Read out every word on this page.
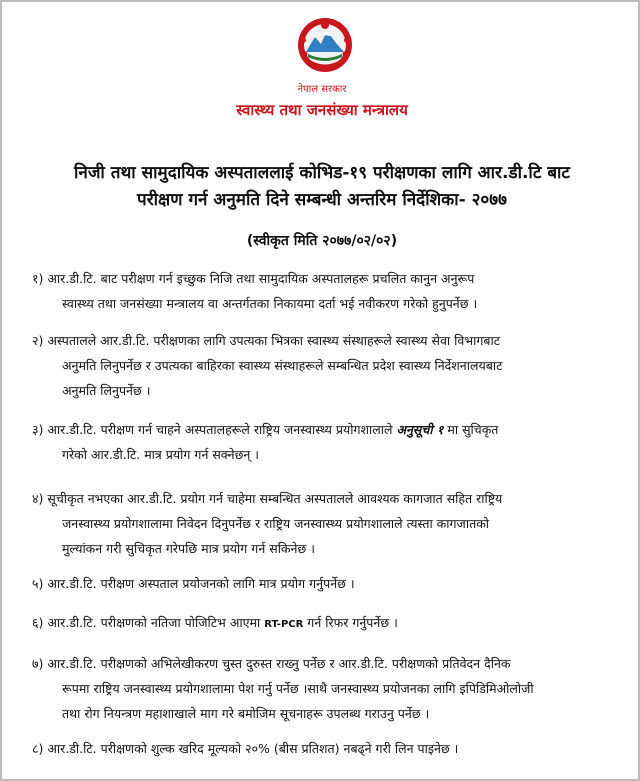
नेपाल सरकार
स्वास्थ्य तथा जनसंख्या मन्त्रालय
निजी तथा सामुदायिक अस्पताललाई कोभिड-१९ परीक्षणका लागि आर.डी.टि बाट
परीक्षण गर्न अनुमति दिने सम्बन्धी अन्तरिम निर्देशिका- २०७७
(स्वीकृत मिति २०७७/०२/०२)
१) आर.डी.टि. बाट परीक्षण गर्न इच्छुक निजि तथा सामुदायिक अस्पतालहरू प्रचलित कानुन अनुरूप
स्वास्थ्य तथा जनसंख्या मन्त्रालय वा अन्तर्गतका निकायमा दर्ता भई नवीकरण गरेको हुनुपर्नेछ ।
२) अस्पतालले आर.डी.टि. परीक्षणका लागि उपत्यका भित्रका स्वास्थ्य संस्थाहरूले स्वास्थ्य सेवा विभागबाट
अनुमति लिनुपर्नेछ र उपत्यका बाहिरका स्वास्थ्य संस्थाहरूले सम्बन्धित प्रदेश स्वास्थ्य निर्देशनालयबाट
अनुमति लिनुपर्नेछ ।
३) आर.डी.टि. परीक्षण गर्न चाहने अस्पतालहरूले राष्ट्रिय जनस्वास्थ्य प्रयोगशालाले अनुसूची १ मा सुचिकृत
गरेको आर.डी.टि. मात्र प्रयोग गर्न सक्नेछन् ।
४) सूचीकृत नभएका आर.डी.टि. प्रयोग गर्न चाहेमा सम्बन्धित अस्पतालले आवश्यक कागजात सहित राष्ट्रिय
जनस्वास्थ्य प्रयोगशालामा निवेदन दिनुपर्नेछ र राष्ट्रिय जनस्वास्थ्य प्रयोगशालाले त्यस्ता कागजातको
मुल्यांकन गरी सुचिकृत गरेपछि मात्र प्रयोग गर्न सकिनेछ ।
५) आर.डी.टि. परीक्षण अस्पताल प्रयोजनको लागि मात्र प्रयोग गर्नुपर्नेछ ।
६) आर.डी.टि. परीक्षणको नतिजा पोजिटिभ आएमा RT-PCR गर्न रिफर गर्नुपर्नेछ ।
७) आर.डी.टि. परीक्षणको अभिलेखीकरण चुस्त दुरुस्त राख्नु पर्नेछ र आर.डी.टि. परीक्षणको प्रतिवेदन दैनिक
रूपमा राष्ट्रिय जनस्वास्थ्य प्रयोगशालामा पेश गर्नु पर्नेछ ।साथै जनस्वास्थ्य प्रयोजनका लागि इपिडिमिओलोजी
तथा रोग नियन्त्रण महाशाखाले माग गरे बमोजिम सूचनाहरू उपलब्ध गराउनु पर्नेछ ।
८) आर.डी.टि. परीक्षणको शुल्क खरिद मूल्यको २०% (बीस प्रतिशत) नबढ्ने गरी लिन पाइनेछ ।
